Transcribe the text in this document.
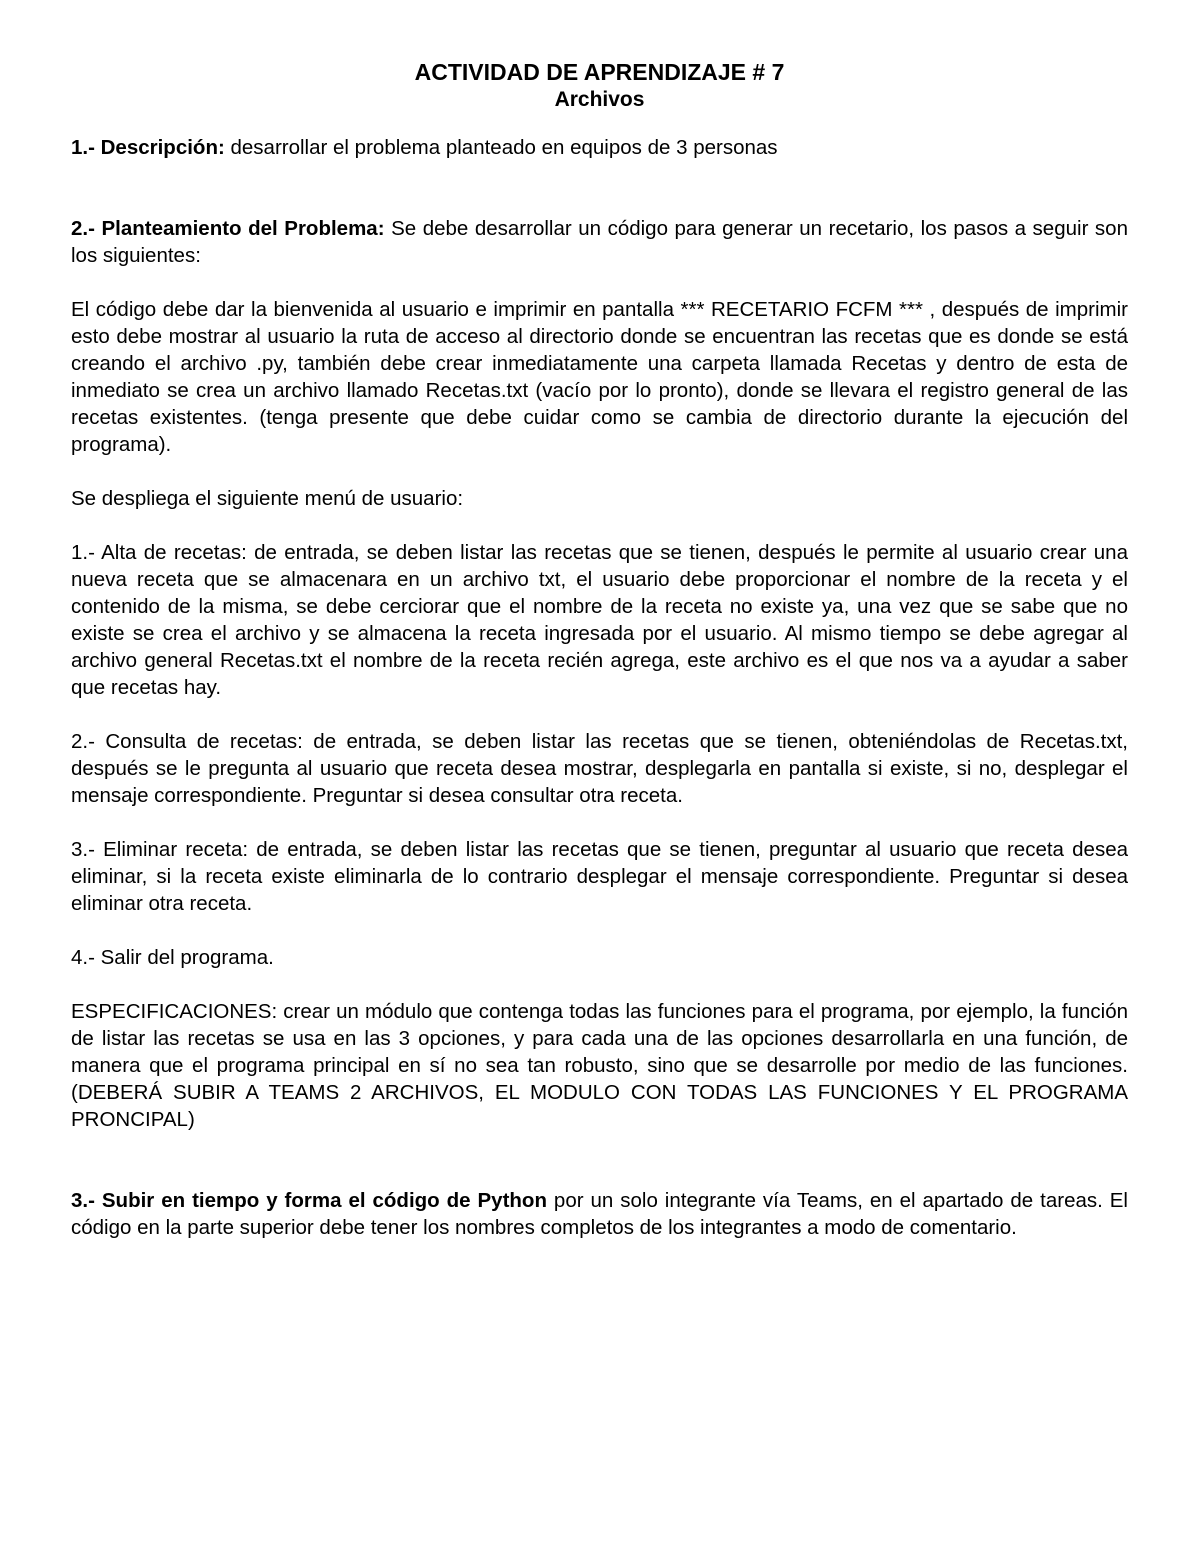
ACTIVIDAD DE APRENDIZAJE # 7
Archivos

1.- Descripción: desarrollar el problema planteado en equipos de 3 personas

2.- Planteamiento del Problema: Se debe desarrollar un código para generar un recetario, los pasos a seguir son los siguientes:

El código debe dar la bienvenida al usuario e imprimir en pantalla *** RECETARIO FCFM *** , después de imprimir esto debe mostrar al usuario la ruta de acceso al directorio donde se encuentran las recetas que es donde se está creando el archivo .py, también debe crear inmediatamente una carpeta llamada Recetas y dentro de esta de inmediato se crea un archivo llamado Recetas.txt (vacío por lo pronto), donde se llevara el registro general de las recetas existentes. (tenga presente que debe cuidar como se cambia de directorio durante la ejecución del programa).

Se despliega el siguiente menú de usuario:

1.- Alta de recetas: de entrada, se deben listar las recetas que se tienen, después le permite al usuario crear una nueva receta que se almacenara en un archivo txt, el usuario debe proporcionar el nombre de la receta y el contenido de la misma, se debe cerciorar que el nombre de la receta no existe ya, una vez que se sabe que no existe se crea el archivo y se almacena la receta ingresada por el usuario. Al mismo tiempo se debe agregar al archivo general Recetas.txt el nombre de la receta recién agrega, este archivo es el que nos va a ayudar a saber que recetas hay.

2.- Consulta de recetas: de entrada, se deben listar las recetas que se tienen, obteniéndolas de Recetas.txt, después se le pregunta al usuario que receta desea mostrar, desplegarla en pantalla si existe, si no, desplegar el mensaje correspondiente. Preguntar si desea consultar otra receta.

3.- Eliminar receta: de entrada, se deben listar las recetas que se tienen, preguntar al usuario que receta desea eliminar, si la receta existe eliminarla de lo contrario desplegar el mensaje correspondiente. Preguntar si desea eliminar otra receta.

4.- Salir del programa.

ESPECIFICACIONES: crear un módulo que contenga todas las funciones para el programa, por ejemplo, la función de listar las recetas se usa en las 3 opciones, y para cada una de las opciones desarrollarla en una función, de manera que el programa principal en sí no sea tan robusto, sino que se desarrolle por medio de las funciones. (DEBERÁ SUBIR A TEAMS 2 ARCHIVOS, EL MODULO CON TODAS LAS FUNCIONES Y EL PROGRAMA PRONCIPAL)

3.- Subir en tiempo y forma el código de Python por un solo integrante vía Teams, en el apartado de tareas. El código en la parte superior debe tener los nombres completos de los integrantes a modo de comentario.
